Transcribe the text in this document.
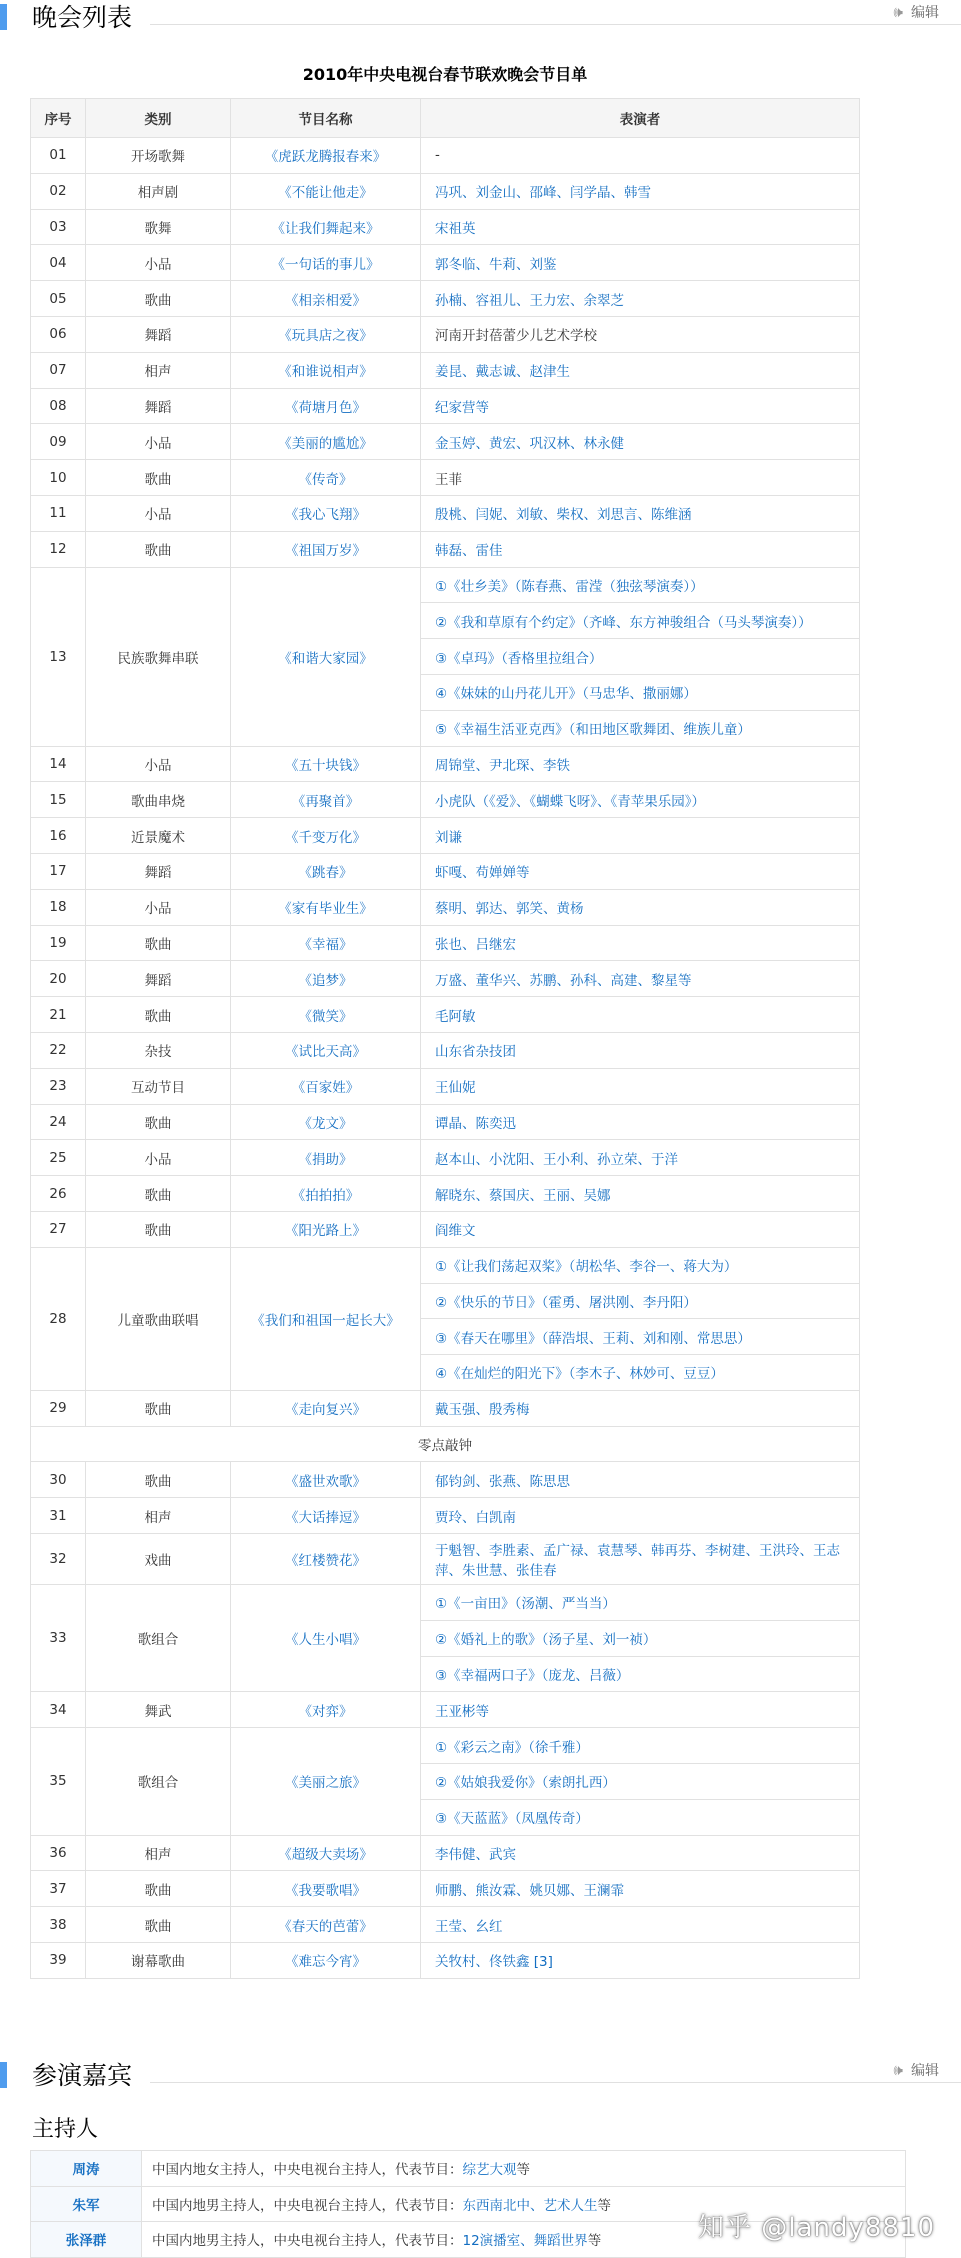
晚会列表	🕪 编辑
2010年中央电视台春节联欢晚会节目单
序号	类别	节目名称	表演者
01	开场歌舞	《虎跃龙腾报春来》	-
02	相声剧	《不能让他走》	冯巩、刘金山、邵峰、闫学晶、韩雪
03	歌舞	《让我们舞起来》	宋祖英
04	小品	《一句话的事儿》	郭冬临、牛莉、刘鉴
05	歌曲	《相亲相爱》	孙楠、容祖儿、王力宏、余翠芝
06	舞蹈	《玩具店之夜》	河南开封蓓蕾少儿艺术学校
07	相声	《和谁说相声》	姜昆、戴志诚、赵津生
08	舞蹈	《荷塘月色》	纪家营等
09	小品	《美丽的尴尬》	金玉婷、黄宏、巩汉林、林永健
10	歌曲	《传奇》	王菲
11	小品	《我心飞翔》	殷桃、闫妮、刘敏、柴权、刘思言、陈维涵
12	歌曲	《祖国万岁》	韩磊、雷佳
13	民族歌舞串联	《和谐大家园》	①《壮乡美》（陈春燕、雷滢（独弦琴演奏））
			②《我和草原有个约定》（齐峰、东方神骏组合（马头琴演奏））
			③《卓玛》（香格里拉组合）
			④《妹妹的山丹花儿开》（马忠华、撒丽娜）
			⑤《幸福生活亚克西》（和田地区歌舞团、维族儿童）
14	小品	《五十块钱》	周锦堂、尹北琛、李铁
15	歌曲串烧	《再聚首》	小虎队（《爱》、《蝴蝶飞呀》、《青苹果乐园》）
16	近景魔术	《千变万化》	刘谦
17	舞蹈	《跳春》	虾嘎、苟婵婵等
18	小品	《家有毕业生》	蔡明、郭达、郭笑、黄杨
19	歌曲	《幸福》	张也、吕继宏
20	舞蹈	《追梦》	万盛、董华兴、苏鹏、孙科、高建、黎星等
21	歌曲	《微笑》	毛阿敏
22	杂技	《试比天高》	山东省杂技团
23	互动节目	《百家姓》	王仙妮
24	歌曲	《龙文》	谭晶、陈奕迅
25	小品	《捐助》	赵本山、小沈阳、王小利、孙立荣、于洋
26	歌曲	《拍拍拍》	解晓东、蔡国庆、王丽、吴娜
27	歌曲	《阳光路上》	阎维文
28	儿童歌曲联唱	《我们和祖国一起长大》	①《让我们荡起双桨》（胡松华、李谷一、蒋大为）
			②《快乐的节日》（霍勇、屠洪刚、李丹阳）
			③《春天在哪里》（薛浩垠、王莉、刘和刚、常思思）
			④《在灿烂的阳光下》（李木子、林妙可、豆豆）
29	歌曲	《走向复兴》	戴玉强、殷秀梅
零点敲钟			
30	歌曲	《盛世欢歌》	郁钧剑、张燕、陈思思
31	相声	《大话捧逗》	贾玲、白凯南
32	戏曲	《红楼赞花》	于魁智、李胜素、孟广禄、袁慧琴、韩再芬、李树建、王洪玲、王志萍、朱世慧、张佳春
33	歌组合	《人生小唱》	①《一亩田》（汤潮、严当当）
			②《婚礼上的歌》（汤子星、刘一祯）
			③《幸福两口子》（庞龙、吕薇）
34	舞武	《对弈》	王亚彬等
35	歌组合	《美丽之旅》	①《彩云之南》（徐千雅）
			②《姑娘我爱你》（索朗扎西）
			③《天蓝蓝》（凤凰传奇）
36	相声	《超级大卖场》	李伟健、武宾
37	歌曲	《我要歌唱》	师鹏、熊汝霖、姚贝娜、王澜霏
38	歌曲	《春天的芭蕾》	王莹、幺红
39	谢幕歌曲	《难忘今宵》	关牧村、佟铁鑫 [3]
参演嘉宾	🕪 编辑
主持人
周涛	中国内地女主持人，中央电视台主持人，代表节目：综艺大观等
朱军	中国内地男主持人，中央电视台主持人，代表节目：东西南北中、艺术人生等
张泽群	中国内地男主持人，中央电视台主持人，代表节目：12演播室、舞蹈世界等	知乎 @landy8810
